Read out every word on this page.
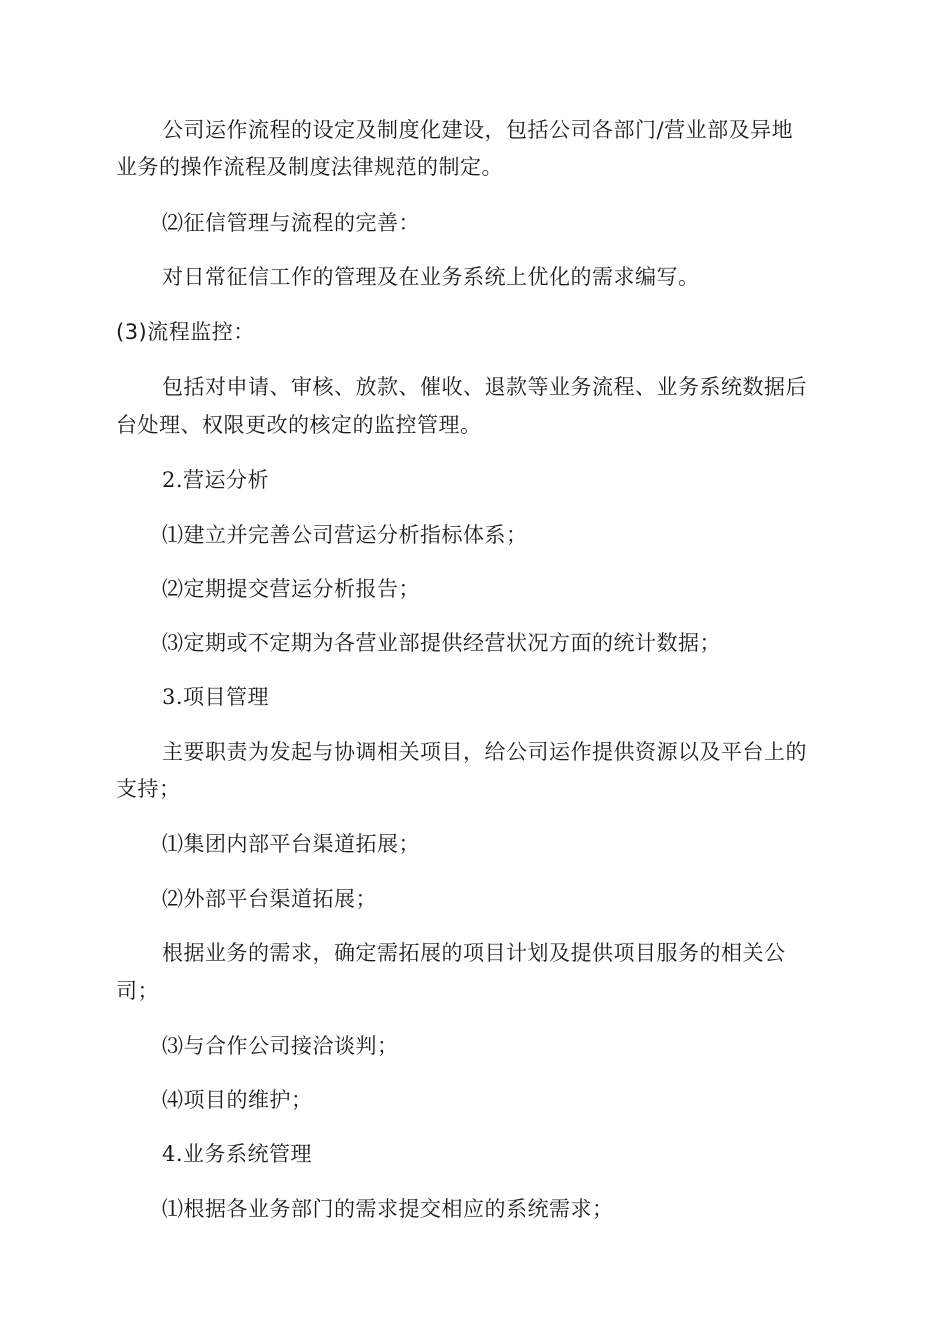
公司运作流程的设定及制度化建设，包括公司各部门/营业部及异地
业务的操作流程及制度法律规范的制定。
⑵征信管理与流程的完善：
对日常征信工作的管理及在业务系统上优化的需求编写。
(3)流程监控：
包括对申请、审核、放款、催收、退款等业务流程、业务系统数据后
台处理、权限更改的核定的监控管理。
2.营运分析
⑴建立并完善公司营运分析指标体系；
⑵定期提交营运分析报告；
⑶定期或不定期为各营业部提供经营状况方面的统计数据；
3.项目管理
主要职责为发起与协调相关项目，给公司运作提供资源以及平台上的
支持；
⑴集团内部平台渠道拓展；
⑵外部平台渠道拓展；
根据业务的需求，确定需拓展的项目计划及提供项目服务的相关公
司；
⑶与合作公司接洽谈判；
⑷项目的维护；
4.业务系统管理
⑴根据各业务部门的需求提交相应的系统需求；
